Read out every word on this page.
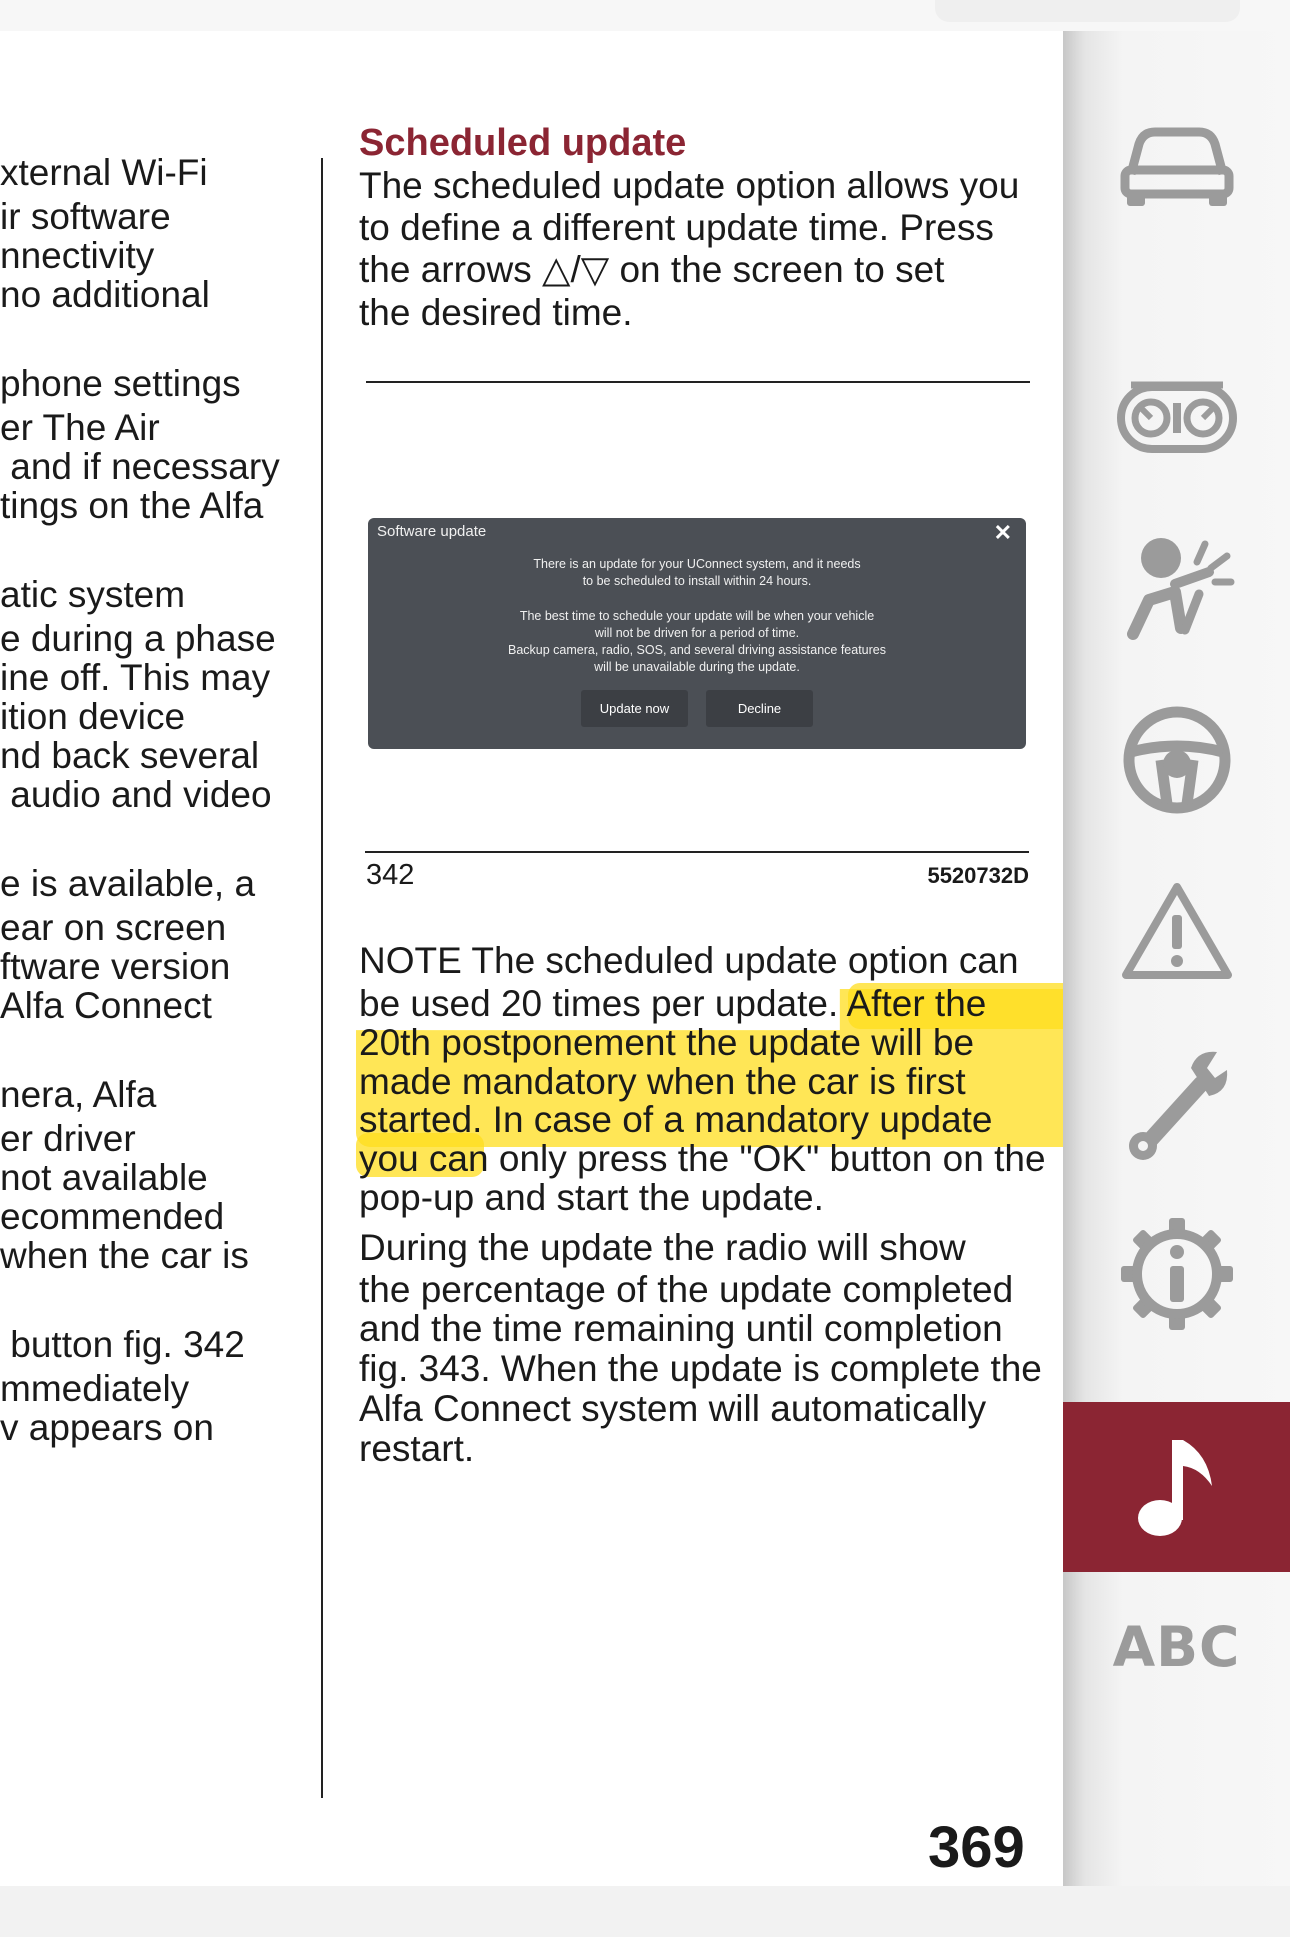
xternal Wi-Fi
ir software
nnectivity
no additional

phone settings
er The Air
and if necessary
tings on the Alfa

atic system
e during a phase
ine off. This may
ition device
nd back several
audio and video

e is available, a
ear on screen
ftware version
Alfa Connect

nera, Alfa
er driver
not available
ecommended
when the car is

button fig. 342
mmediately
v appears on

Scheduled update

The scheduled update option allows you

to define a different update time. Press

the arrows △/▽ on the screen to set

the desired time.

Software update	✕
There is an update for your UConnect system, and it needs
to be scheduled to install within 24 hours.
The best time to schedule your update will be when your vehicle
will not be driven for a period of time.
Backup camera, radio, SOS, and several driving assistance features
will be unavailable during the update.
Update now	Decline
342	5520732D

NOTE The scheduled update option can

be used 20 times per update. After the

20th postponement the update will be

made mandatory when the car is first

started. In case of a mandatory update

you can only press the "OK" button on the

pop-up and start the update.

During the update the radio will show

the percentage of the update completed

and the time remaining until completion

fig. 343. When the update is complete the

Alfa Connect system will automatically

restart.

369
ABC
